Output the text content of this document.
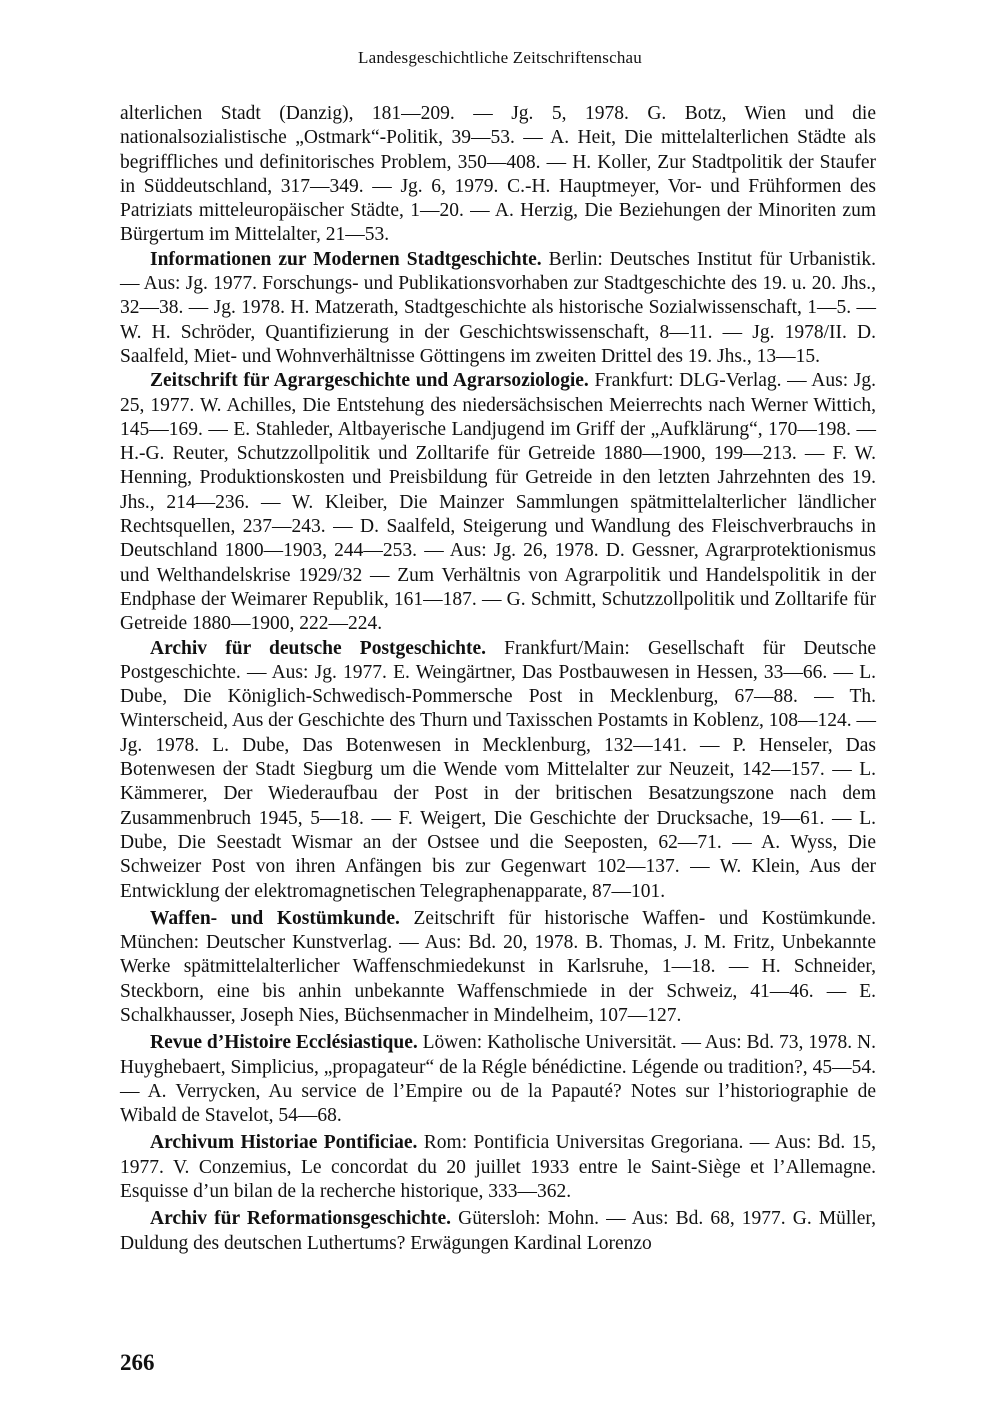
Landesgeschichtliche Zeitschriftenschau

alterlichen Stadt (Danzig), 181—209. — Jg. 5, 1978. G. Botz, Wien und die nationalsozialistische „Ostmark“-Politik, 39—53. — A. Heit, Die mittelalterlichen Städte als begriffliches und definitorisches Problem, 350—408. — H. Koller, Zur Stadtpolitik der Staufer in Süddeutschland, 317—349. — Jg. 6, 1979. C.-H. Hauptmeyer, Vor- und Frühformen des Patriziats mitteleuropäischer Städte, 1—20. — A. Herzig, Die Beziehungen der Minoriten zum Bürgertum im Mittelalter, 21—53.

Informationen zur Modernen Stadtgeschichte. Berlin: Deutsches Institut für Urbanistik. — Aus: Jg. 1977. Forschungs- und Publikationsvorhaben zur Stadtgeschichte des 19. u. 20. Jhs., 32—38. — Jg. 1978. H. Matzerath, Stadtgeschichte als historische Sozialwissenschaft, 1—5. — W. H. Schröder, Quantifizierung in der Geschichtswissenschaft, 8—11. — Jg. 1978/II. D. Saalfeld, Miet- und Wohnverhältnisse Göttingens im zweiten Drittel des 19. Jhs., 13—15.

Zeitschrift für Agrargeschichte und Agrarsoziologie. Frankfurt: DLG-Verlag. — Aus: Jg. 25, 1977. W. Achilles, Die Entstehung des niedersächsischen Meierrechts nach Werner Wittich, 145—169. — E. Stahleder, Altbayerische Landjugend im Griff der „Aufklärung“, 170—198. — H.-G. Reuter, Schutzzollpolitik und Zolltarife für Getreide 1880—1900, 199—213. — F. W. Henning, Produktionskosten und Preisbildung für Getreide in den letzten Jahrzehnten des 19. Jhs., 214—236. — W. Kleiber, Die Mainzer Sammlungen spätmittelalterlicher ländlicher Rechtsquellen, 237—243. — D. Saalfeld, Steigerung und Wandlung des Fleischverbrauchs in Deutschland 1800—1903, 244—253. — Aus: Jg. 26, 1978. D. Gessner, Agrarprotektionismus und Welthandelskrise 1929/32 — Zum Verhältnis von Agrarpolitik und Handelspolitik in der Endphase der Weimarer Republik, 161—187. — G. Schmitt, Schutzzollpolitik und Zolltarife für Getreide 1880—1900, 222—224.

Archiv für deutsche Postgeschichte. Frankfurt/Main: Gesellschaft für Deutsche Postgeschichte. — Aus: Jg. 1977. E. Weingärtner, Das Postbauwesen in Hessen, 33—66. — L. Dube, Die Königlich-Schwedisch-Pommersche Post in Mecklenburg, 67—88. — Th. Winterscheid, Aus der Geschichte des Thurn und Taxisschen Postamts in Koblenz, 108—124. — Jg. 1978. L. Dube, Das Botenwesen in Mecklenburg, 132—141. — P. Henseler, Das Botenwesen der Stadt Siegburg um die Wende vom Mittelalter zur Neuzeit, 142—157. — L. Kämmerer, Der Wiederaufbau der Post in der britischen Besatzungszone nach dem Zusammenbruch 1945, 5—18. — F. Weigert, Die Geschichte der Drucksache, 19—61. — L. Dube, Die Seestadt Wismar an der Ostsee und die Seeposten, 62—71. — A. Wyss, Die Schweizer Post von ihren Anfängen bis zur Gegenwart 102—137. — W. Klein, Aus der Entwicklung der elektromagnetischen Telegraphenapparate, 87—101.

Waffen- und Kostümkunde. Zeitschrift für historische Waffen- und Kostümkunde. München: Deutscher Kunstverlag. — Aus: Bd. 20, 1978. B. Thomas, J. M. Fritz, Unbekannte Werke spätmittelalterlicher Waffenschmiedekunst in Karlsruhe, 1—18. — H. Schneider, Steckborn, eine bis anhin unbekannte Waffenschmiede in der Schweiz, 41—46. — E. Schalkhausser, Joseph Nies, Büchsenmacher in Mindelheim, 107—127.

Revue d’Histoire Ecclésiastique. Löwen: Katholische Universität. — Aus: Bd. 73, 1978. N. Huyghebaert, Simplicius, „propagateur“ de la Régle bénédictine. Légende ou tradition?, 45—54. — A. Verrycken, Au service de l’Empire ou de la Papauté? Notes sur l’historiographie de Wibald de Stavelot, 54—68.

Archivum Historiae Pontificiae. Rom: Pontificia Universitas Gregoriana. — Aus: Bd. 15, 1977. V. Conzemius, Le concordat du 20 juillet 1933 entre le Saint-Siège et l’Allemagne. Esquisse d’un bilan de la recherche historique, 333—362.

Archiv für Reformationsgeschichte. Gütersloh: Mohn. — Aus: Bd. 68, 1977. G. Müller, Duldung des deutschen Luthertums? Erwägungen Kardinal Lorenzo

266
